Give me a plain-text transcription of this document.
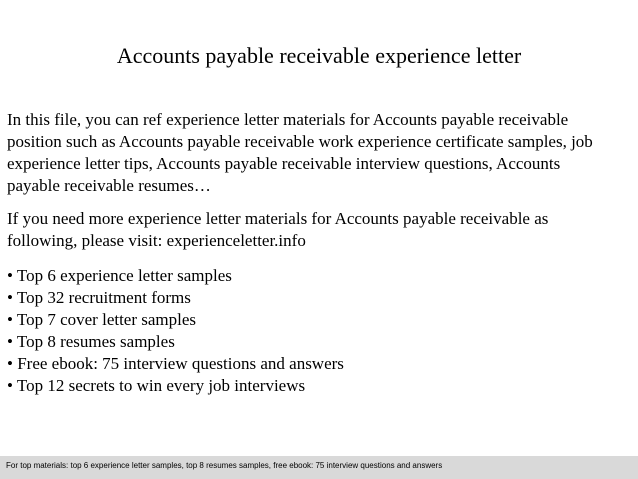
Accounts payable receivable experience letter
In this file, you can ref experience letter materials for Accounts payable receivable
position such as Accounts payable receivable work experience certificate samples, job
experience letter tips, Accounts payable receivable interview questions, Accounts
payable receivable resumes…
If you need more experience letter materials for Accounts payable receivable as
following, please visit: experienceletter.info
• Top 6 experience letter samples
• Top 32 recruitment forms
• Top 7 cover letter samples
• Top 8 resumes samples
• Free ebook: 75 interview questions and answers
• Top 12 secrets to win every job interviews
For top materials: top 6 experience letter samples, top 8 resumes samples, free ebook: 75 interview questions and answers
